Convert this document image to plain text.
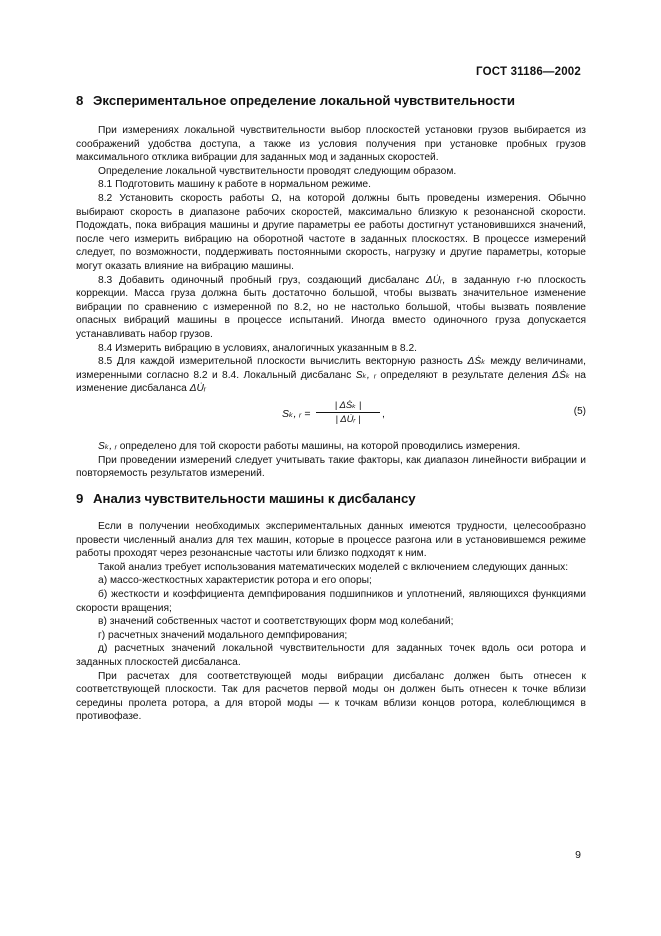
ГОСТ 31186—2002
8 Экспериментальное определение локальной чувствительности

При измерениях локальной чувствительности выбор плоскостей установки грузов выбирается из соображений удобства доступа, а также из условия получения при установке пробных грузов максимального отклика вибрации для заданных мод и заданных скоростей.

Определение локальной чувствительности проводят следующим образом.

8.1 Подготовить машину к работе в нормальном режиме.

8.2 Установить скорость работы Ω, на которой должны быть проведены измерения. Обычно выбирают скорость в диапазоне рабочих скоростей, максимально близкую к резонансной скорости. Подождать, пока вибрация машины и другие параметры ее работы достигнут установившихся значений, после чего измерить вибрацию на оборотной частоте в заданных плоскостях. В процессе измерений следует, по возможности, поддерживать постоянными скорость, нагрузку и другие параметры, которые могут оказать влияние на вибрацию машины.

8.3 Добавить одиночный пробный груз, создающий дисбаланс ΔU̇ᵣ, в заданную r-ю плоскость коррекции. Масса груза должна быть достаточно большой, чтобы вызвать значительное изменение вибрации по сравнению с измеренной по 8.2, но не настолько большой, чтобы вызвать появление опасных вибраций машины в процессе испытаний. Иногда вместо одиночного груза допускается устанавливать набор грузов.

8.4 Измерить вибрацию в условиях, аналогичных указанным в 8.2.

8.5 Для каждой измерительной плоскости вычислить векторную разность ΔṠₖ между величинами, измеренными согласно 8.2 и 8.4. Локальный дисбаланс Sₖ, ᵣ определяют в результате деления ΔṠₖ на изменение дисбаланса ΔU̇ᵣ

Sₖ, ᵣ = $\frac{\text{| ΔṠₖ |}}{\text{| ΔU̇ᵣ |}}$ ,	(5)

Sₖ, ᵣ определено для той скорости работы машины, на которой проводились измерения.

При проведении измерений следует учитывать такие факторы, как диапазон линейности вибрации и повторяемость результатов измерений.

9 Анализ чувствительности машины к дисбалансу

Если в получении необходимых экспериментальных данных имеются трудности, целесообразно провести численный анализ для тех машин, которые в процессе разгона или в установившемся режиме работы проходят через резонансные частоты или близко подходят к ним.

Такой анализ требует использования математических моделей с включением следующих данных:

а) массо-жесткостных характеристик ротора и его опоры;

б) жесткости и коэффициента демпфирования подшипников и уплотнений, являющихся функциями скорости вращения;

в) значений собственных частот и соответствующих форм мод колебаний;

г) расчетных значений модального демпфирования;

д) расчетных значений локальной чувствительности для заданных точек вдоль оси ротора и заданных плоскостей дисбаланса.

При расчетах для соответствующей моды вибрации дисбаланс должен быть отнесен к соответствующей плоскости. Так для расчетов первой моды он должен быть отнесен к точке вблизи середины пролета ротора, а для второй моды — к точкам вблизи концов ротора, колеблющимся в противофазе.

9
